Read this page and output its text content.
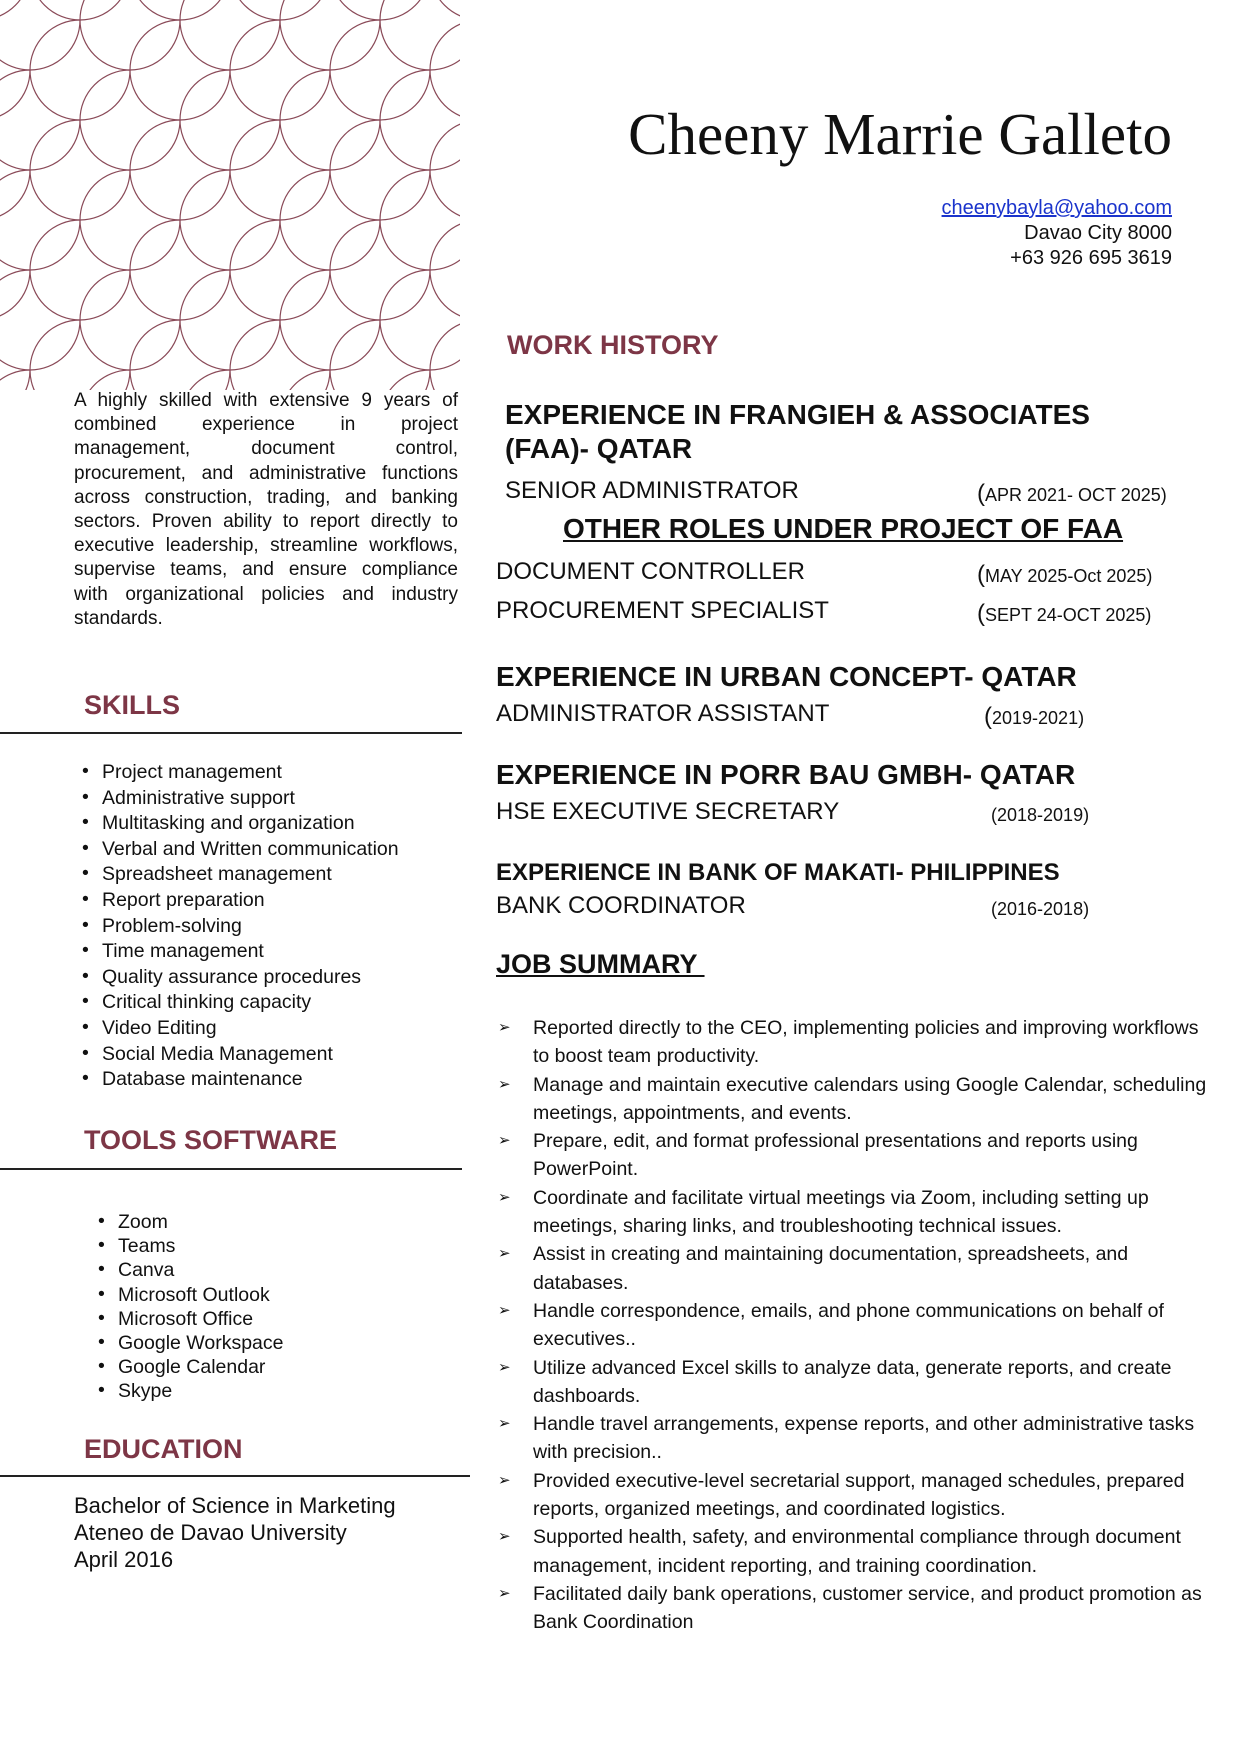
Cheeny Marrie Galleto
cheenybayla@yahoo.com
Davao City 8000
+63 926 695 3619

A highly skilled with extensive 9 years of combined experience in project management, document control, procurement, and administrative functions across construction, trading, and banking sectors. Proven ability to report directly to executive leadership, streamline workflows, supervise teams, and ensure compliance with organizational policies and industry standards.

SKILLS
• Project management
• Administrative support
• Multitasking and organization
• Verbal and Written communication
• Spreadsheet management
• Report preparation
• Problem-solving
• Time management
• Quality assurance procedures
• Critical thinking capacity
• Video Editing
• Social Media Management
• Database maintenance
TOOLS SOFTWARE
• Zoom
• Teams
• Canva
• Microsoft Outlook
• Microsoft Office
• Google Workspace
• Google Calendar
• Skype
EDUCATION
Bachelor of Science in Marketing
Ateneo de Davao University
April 2016
WORK HISTORY
EXPERIENCE IN FRANGIEH & ASSOCIATES
(FAA)- QATAR
SENIOR ADMINISTRATOR	(APR 2021- OCT 2025)
OTHER ROLES UNDER PROJECT OF FAA
DOCUMENT CONTROLLER	(MAY 2025-Oct 2025)
PROCUREMENT SPECIALIST	(SEPT 24-OCT 2025)
EXPERIENCE IN URBAN CONCEPT- QATAR
ADMINISTRATOR ASSISTANT	(2019-2021)
EXPERIENCE IN PORR BAU GMBH- QATAR
HSE EXECUTIVE SECRETARY	(2018-2019)
EXPERIENCE IN BANK OF MAKATI- PHILIPPINES
BANK COORDINATOR	(2016-2018)
JOB SUMMARY
➢ Reported directly to the CEO, implementing policies and improving workflows to boost team productivity.
➢ Manage and maintain executive calendars using Google Calendar, scheduling meetings, appointments, and events.
➢ Prepare, edit, and format professional presentations and reports using PowerPoint.
➢ Coordinate and facilitate virtual meetings via Zoom, including setting up meetings, sharing links, and troubleshooting technical issues.
➢ Assist in creating and maintaining documentation, spreadsheets, and databases.
➢ Handle correspondence, emails, and phone communications on behalf of executives..
➢ Utilize advanced Excel skills to analyze data, generate reports, and create dashboards.
➢ Handle travel arrangements, expense reports, and other administrative tasks with precision..
➢ Provided executive-level secretarial support, managed schedules, prepared reports, organized meetings, and coordinated logistics.
➢ Supported health, safety, and environmental compliance through document management, incident reporting, and training coordination.
➢ Facilitated daily bank operations, customer service, and product promotion as Bank Coordination
